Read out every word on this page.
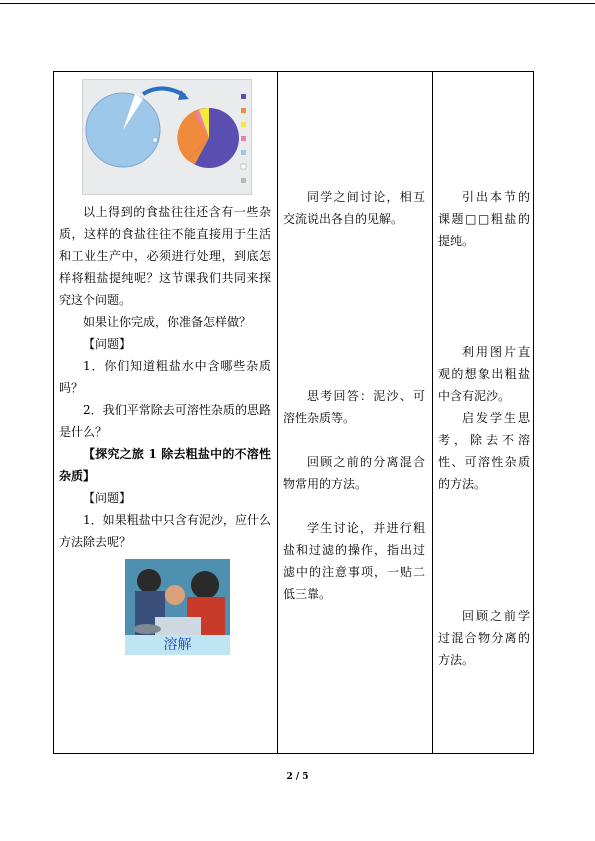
以上得到的食盐往往还含有一些杂质，这样的食盐往往不能直接用于生活和工业生产中，必须进行处理，到底怎样将粗盐提纯呢？这节课我们共同来探究这个问题。

如果让你完成，你准备怎样做？

【问题】

1．你们知道粗盐水中含哪些杂质吗？

2．我们平常除去可溶性杂质的思路是什么？

【探究之旅 1 除去粗盐中的不溶性杂质】

【问题】

1．如果粗盐中只含有泥沙，应什么方法除去呢？

溶解

同学之间讨论，相互交流说出各自的见解。

思考回答：泥沙、可溶性杂质等。

回顾之前的分离混合物常用的方法。

学生讨论，并进行粗盐和过滤的操作，指出过滤中的注意事项，一贴二低三靠。

引出本节的课题□□粗盐的提纯。

利用图片直观的想象出粗盐中含有泥沙。

启发学生思考，除去不溶性、可溶性杂质的方法。

回顾之前学过混合物分离的方法。

2 / 5
